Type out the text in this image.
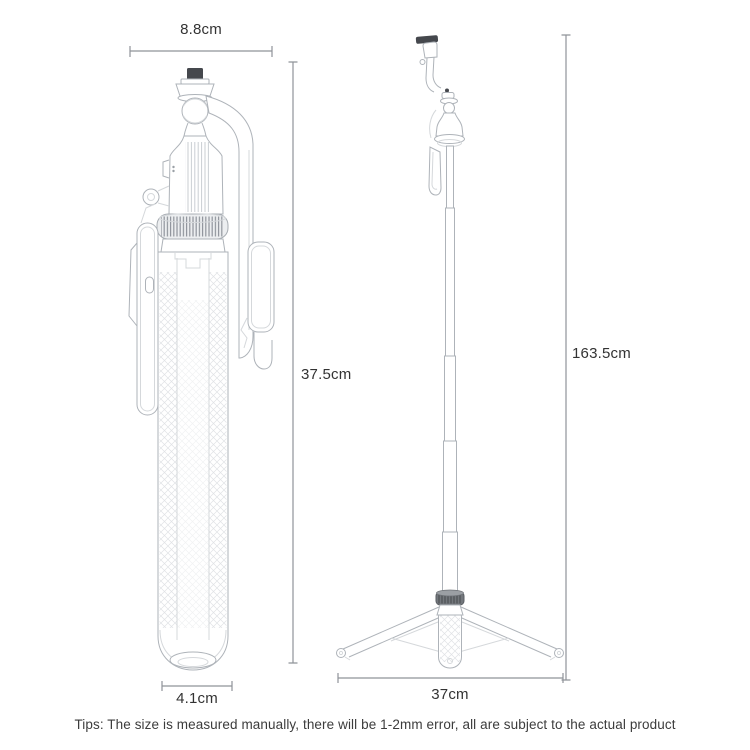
8.8cm
37.5cm
4.1cm
163.5cm
37cm
Tips: The size is measured manually, there will be 1-2mm error, all are subject to the actual product
